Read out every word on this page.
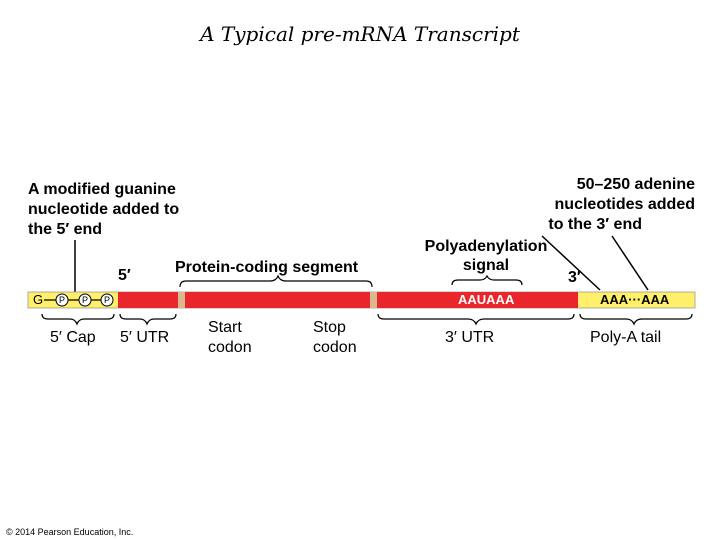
A Typical pre-mRNA Transcript
G P P P	AAUAAA	AAA···AAA
A modified guanine
nucleotide added to
the 5′ end
5′	Protein-coding segment
Polyadenylation
signal
50–250 adenine
nucleotides added
to the 3′ end
3′
5′ Cap 5′ UTR
Start
codon
Stop
codon
3′ UTR	Poly-A tail
© 2014 Pearson Education, Inc.
